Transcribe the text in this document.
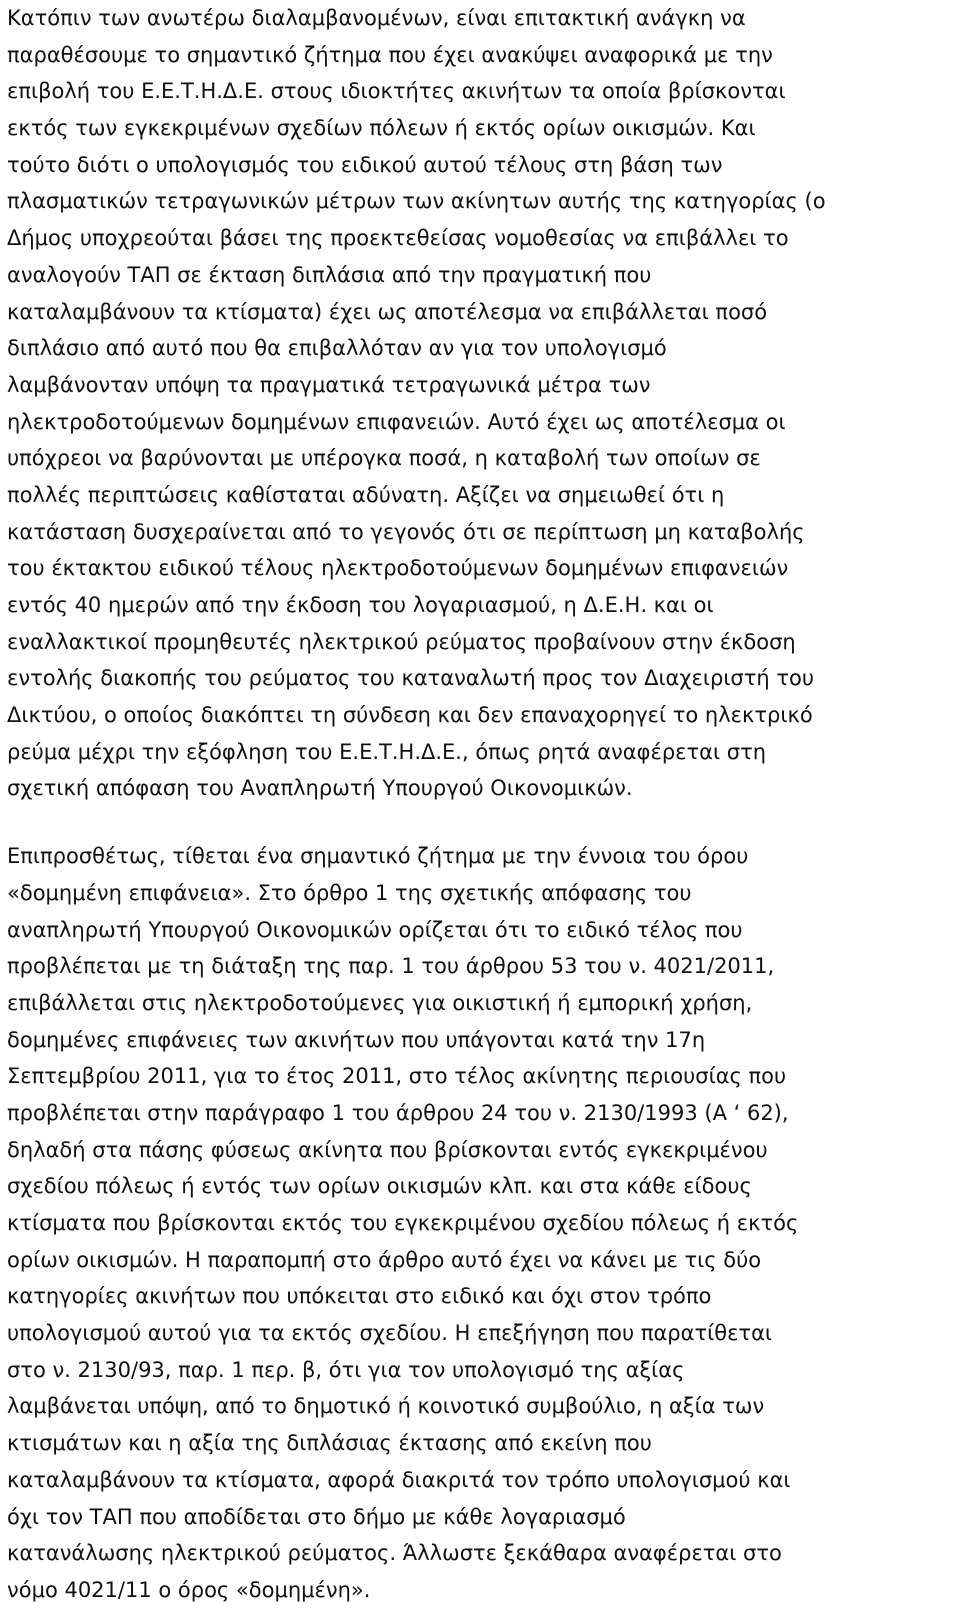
Κατόπιν των ανωτέρω διαλαμβανομένων, είναι επιτακτική ανάγκη να
παραθέσουμε το σημαντικό ζήτημα που έχει ανακύψει αναφορικά με την
επιβολή του Ε.Ε.Τ.Η.Δ.Ε. στους ιδιοκτήτες ακινήτων τα οποία βρίσκονται
εκτός των εγκεκριμένων σχεδίων πόλεων ή εκτός ορίων οικισμών. Και
τούτο διότι ο υπολογισμός του ειδικού αυτού τέλους στη βάση των
πλασματικών τετραγωνικών μέτρων των ακίνητων αυτής της κατηγορίας (ο
Δήμος υποχρεούται βάσει της προεκτεθείσας νομοθεσίας να επιβάλλει το
αναλογούν ΤΑΠ σε έκταση διπλάσια από την πραγματική που
καταλαμβάνουν τα κτίσματα) έχει ως αποτέλεσμα να επιβάλλεται ποσό
διπλάσιο από αυτό που θα επιβαλλόταν αν για τον υπολογισμό
λαμβάνονταν υπόψη τα πραγματικά τετραγωνικά μέτρα των
ηλεκτροδοτούμενων δομημένων επιφανειών. Αυτό έχει ως αποτέλεσμα οι
υπόχρεοι να βαρύνονται με υπέρογκα ποσά, η καταβολή των οποίων σε
πολλές περιπτώσεις καθίσταται αδύνατη. Αξίζει να σημειωθεί ότι η
κατάσταση δυσχεραίνεται από το γεγονός ότι σε περίπτωση μη καταβολής
του έκτακτου ειδικού τέλους ηλεκτροδοτούμενων δομημένων επιφανειών
εντός 40 ημερών από την έκδοση του λογαριασμού, η Δ.Ε.Η. και οι
εναλλακτικοί προμηθευτές ηλεκτρικού ρεύματος προβαίνουν στην έκδοση
εντολής διακοπής του ρεύματος του καταναλωτή προς τον Διαχειριστή του
Δικτύου, ο οποίος διακόπτει τη σύνδεση και δεν επαναχορηγεί το ηλεκτρικό
ρεύμα μέχρι την εξόφληση του Ε.Ε.Τ.Η.Δ.Ε., όπως ρητά αναφέρεται στη
σχετική απόφαση του Αναπληρωτή Υπουργού Οικονομικών.
Επιπροσθέτως, τίθεται ένα σημαντικό ζήτημα με την έννοια του όρου
«δομημένη επιφάνεια». Στο όρθρο 1 της σχετικής απόφασης του
αναπληρωτή Υπουργού Οικονομικών ορίζεται ότι το ειδικό τέλος που
προβλέπεται με τη διάταξη της παρ. 1 του άρθρου 53 του ν. 4021/2011,
επιβάλλεται στις ηλεκτροδοτούμενες για οικιστική ή εμπορική χρήση,
δομημένες επιφάνειες των ακινήτων που υπάγονται κατά την 17η
Σεπτεμβρίου 2011, για το έτος 2011, στο τέλος ακίνητης περιουσίας που
προβλέπεται στην παράγραφο 1 του άρθρου 24 του ν. 2130/1993 (Α ‘ 62),
δηλαδή στα πάσης φύσεως ακίνητα που βρίσκονται εντός εγκεκριμένου
σχεδίου πόλεως ή εντός των ορίων οικισμών κλπ. και στα κάθε είδους
κτίσματα που βρίσκονται εκτός του εγκεκριμένου σχεδίου πόλεως ή εκτός
ορίων οικισμών. Η παραπομπή στο άρθρο αυτό έχει να κάνει με τις δύο
κατηγορίες ακινήτων που υπόκειται στο ειδικό και όχι στον τρόπο
υπολογισμού αυτού για τα εκτός σχεδίου. Η επεξήγηση που παρατίθεται
στο ν. 2130/93, παρ. 1 περ. β, ότι για τον υπολογισμό της αξίας
λαμβάνεται υπόψη, από το δημοτικό ή κοινοτικό συμβούλιο, η αξία των
κτισμάτων και η αξία της διπλάσιας έκτασης από εκείνη που
καταλαμβάνουν τα κτίσματα, αφορά διακριτά τον τρόπο υπολογισμού και
όχι τον ΤΑΠ που αποδίδεται στο δήμο με κάθε λογαριασμό
κατανάλωσης ηλεκτρικού ρεύματος. Άλλωστε ξεκάθαρα αναφέρεται στο
νόμο 4021/11 ο όρος «δομημένη».
